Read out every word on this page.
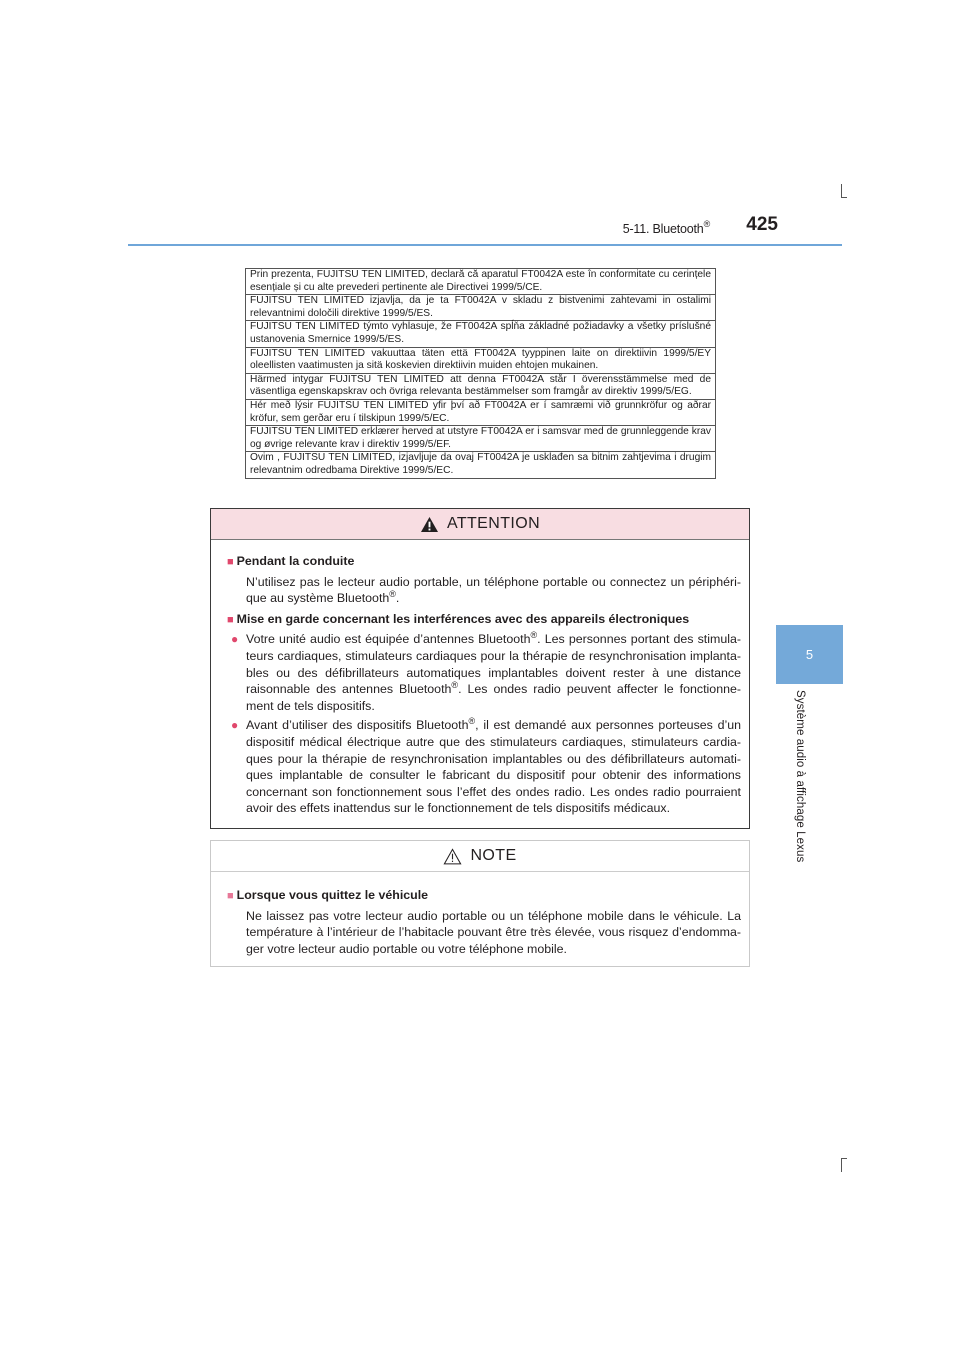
5-11. Bluetooth®	425
5
Système audio à affichage Lexus
Prin prezenta, FUJITSU TEN LIMITED, declară că aparatul FT0042A este în conformitate cu cerințele esențiale și cu alte prevederi pertinente ale Directivei 1999/5/CE.
FUJITSU TEN LIMITED izjavlja, da je ta FT0042A v skladu z bistvenimi zahtevami in ostalimi relevantnimi določili direktive 1999/5/ES.
FUJITSU TEN LIMITED týmto vyhlasuje, že FT0042A spĺňa základné požiadavky a všetky príslušné ustanovenia Smernice 1999/5/ES.
FUJITSU TEN LIMITED vakuuttaa täten että FT0042A tyyppinen laite on direktiivin 1999/5/EY oleellisten vaatimusten ja sitä koskevien direktiivin muiden ehtojen mukainen.
Härmed intygar FUJITSU TEN LIMITED att denna FT0042A står I överensstämmelse med de väsentliga egenskapskrav och övriga relevanta bestämmelser som framgår av direktiv 1999/5/EG.
Hér með lýsir FUJITSU TEN LIMITED yfir því að FT0042A er í samræmi við grunnkröfur og aðrar kröfur, sem gerðar eru í tilskipun 1999/5/EC.
FUJITSU TEN LIMITED erklærer herved at utstyre FT0042A er i samsvar med de grunnleggende krav og øvrige relevante krav i direktiv 1999/5/EF.
Ovim , FUJITSU TEN LIMITED, izjavljuje da ovaj FT0042A je usklađen sa bitnim zahtjevima i drugim relevantnim odredbama Direktive 1999/5/EC.
ATTENTION
■ Pendant la conduite
N’utilisez pas le lecteur audio portable, un téléphone portable ou connectez un périphéri-que au système Bluetooth®.
■ Mise en garde concernant les interférences avec des appareils électroniques
● Votre unité audio est équipée d’antennes Bluetooth®. Les personnes portant des stimula-teurs cardiaques, stimulateurs cardiaques pour la thérapie de resynchronisation implanta-bles ou des défibrillateurs automatiques implantables doivent rester à une distance raisonnable des antennes Bluetooth®. Les ondes radio peuvent affecter le fonctionne-ment de tels dispositifs.
● Avant d’utiliser des dispositifs Bluetooth®, il est demandé aux personnes porteuses d’un dispositif médical électrique autre que des stimulateurs cardiaques, stimulateurs cardia-ques pour la thérapie de resynchronisation implantables ou des défibrillateurs automati-ques implantable de consulter le fabricant du dispositif pour obtenir des informations concernant son fonctionnement sous l’effet des ondes radio. Les ondes radio pourraient avoir des effets inattendus sur le fonctionnement de tels dispositifs médicaux.
NOTE
■ Lorsque vous quittez le véhicule
Ne laissez pas votre lecteur audio portable ou un téléphone mobile dans le véhicule. La température à l’intérieur de l’habitacle pouvant être très élevée, vous risquez d’endomma-ger votre lecteur audio portable ou votre téléphone mobile.
